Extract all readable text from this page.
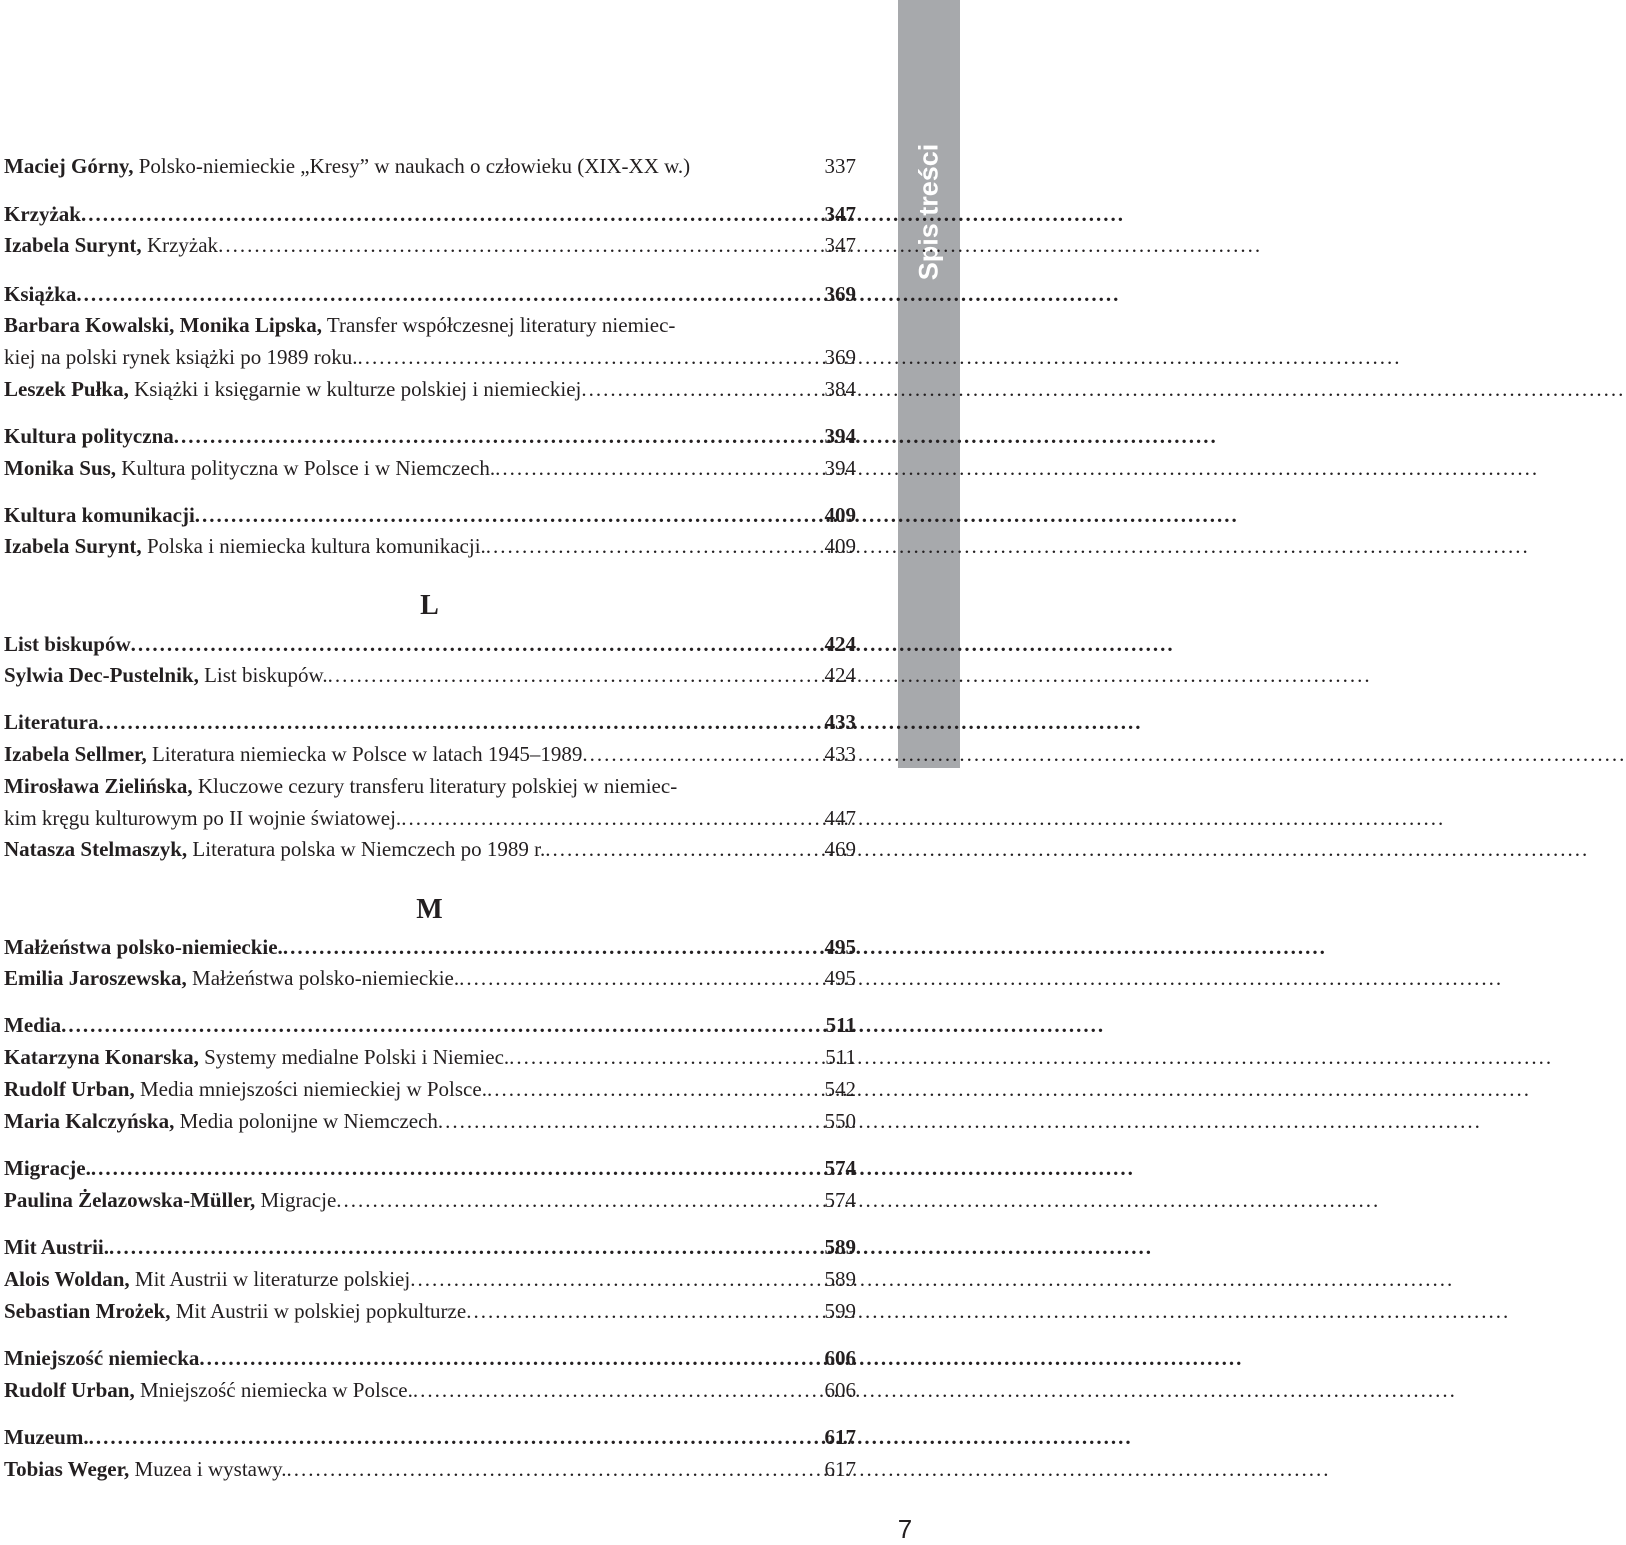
Spis treści
Maciej Górny, Polsko-niemieckie „Kresy” w naukach o człowieku (XIX-XX w.)	337
Krzyżak .....	347
Izabela Surynt, Krzyżak .....	347
Książka .....	369
Barbara Kowalski, Monika Lipska, Transfer współczesnej literatury niemiec-
kiej na polski rynek książki po 1989 roku. .....	369
Leszek Pułka, Książki i księgarnie w kulturze polskiej i niemieckiej .....	384
Kultura polityczna .....	394
Monika Sus, Kultura polityczna w Polsce i w Niemczech. .....	394
Kultura komunikacji .....	409
Izabela Surynt, Polska i niemiecka kultura komunikacji. .....	409
L
List biskupów .....	424
Sylwia Dec-Pustelnik, List biskupów. .....	424
Literatura .....	433
Izabela Sellmer, Literatura niemiecka w Polsce w latach 1945–1989 .....	433
Mirosława Zielińska, Kluczowe cezury transferu literatury polskiej w niemiec-
kim kręgu kulturowym po II wojnie światowej. .....	447
Natasza Stelmaszyk, Literatura polska w Niemczech po 1989 r. .....	469
M
Małżeństwa polsko-niemieckie. .....	495
Emilia Jaroszewska, Małżeństwa polsko-niemieckie. .....	495
Media .....	511
Katarzyna Konarska, Systemy medialne Polski i Niemiec. .....	511
Rudolf Urban, Media mniejszości niemieckiej w Polsce. .....	542
Maria Kalczyńska, Media polonijne w Niemczech .....	550
Migracje. .....	574
Paulina Żelazowska-Müller, Migracje .....	574
Mit Austrii. .....	589
Alois Woldan, Mit Austrii w literaturze polskiej .....	589
Sebastian Mrożek, Mit Austrii w polskiej popkulturze .....	599
Mniejszość niemiecka .....	606
Rudolf Urban, Mniejszość niemiecka w Polsce. .....	606
Muzeum. .....	617
Tobias Weger, Muzea i wystawy. .....	617
7
